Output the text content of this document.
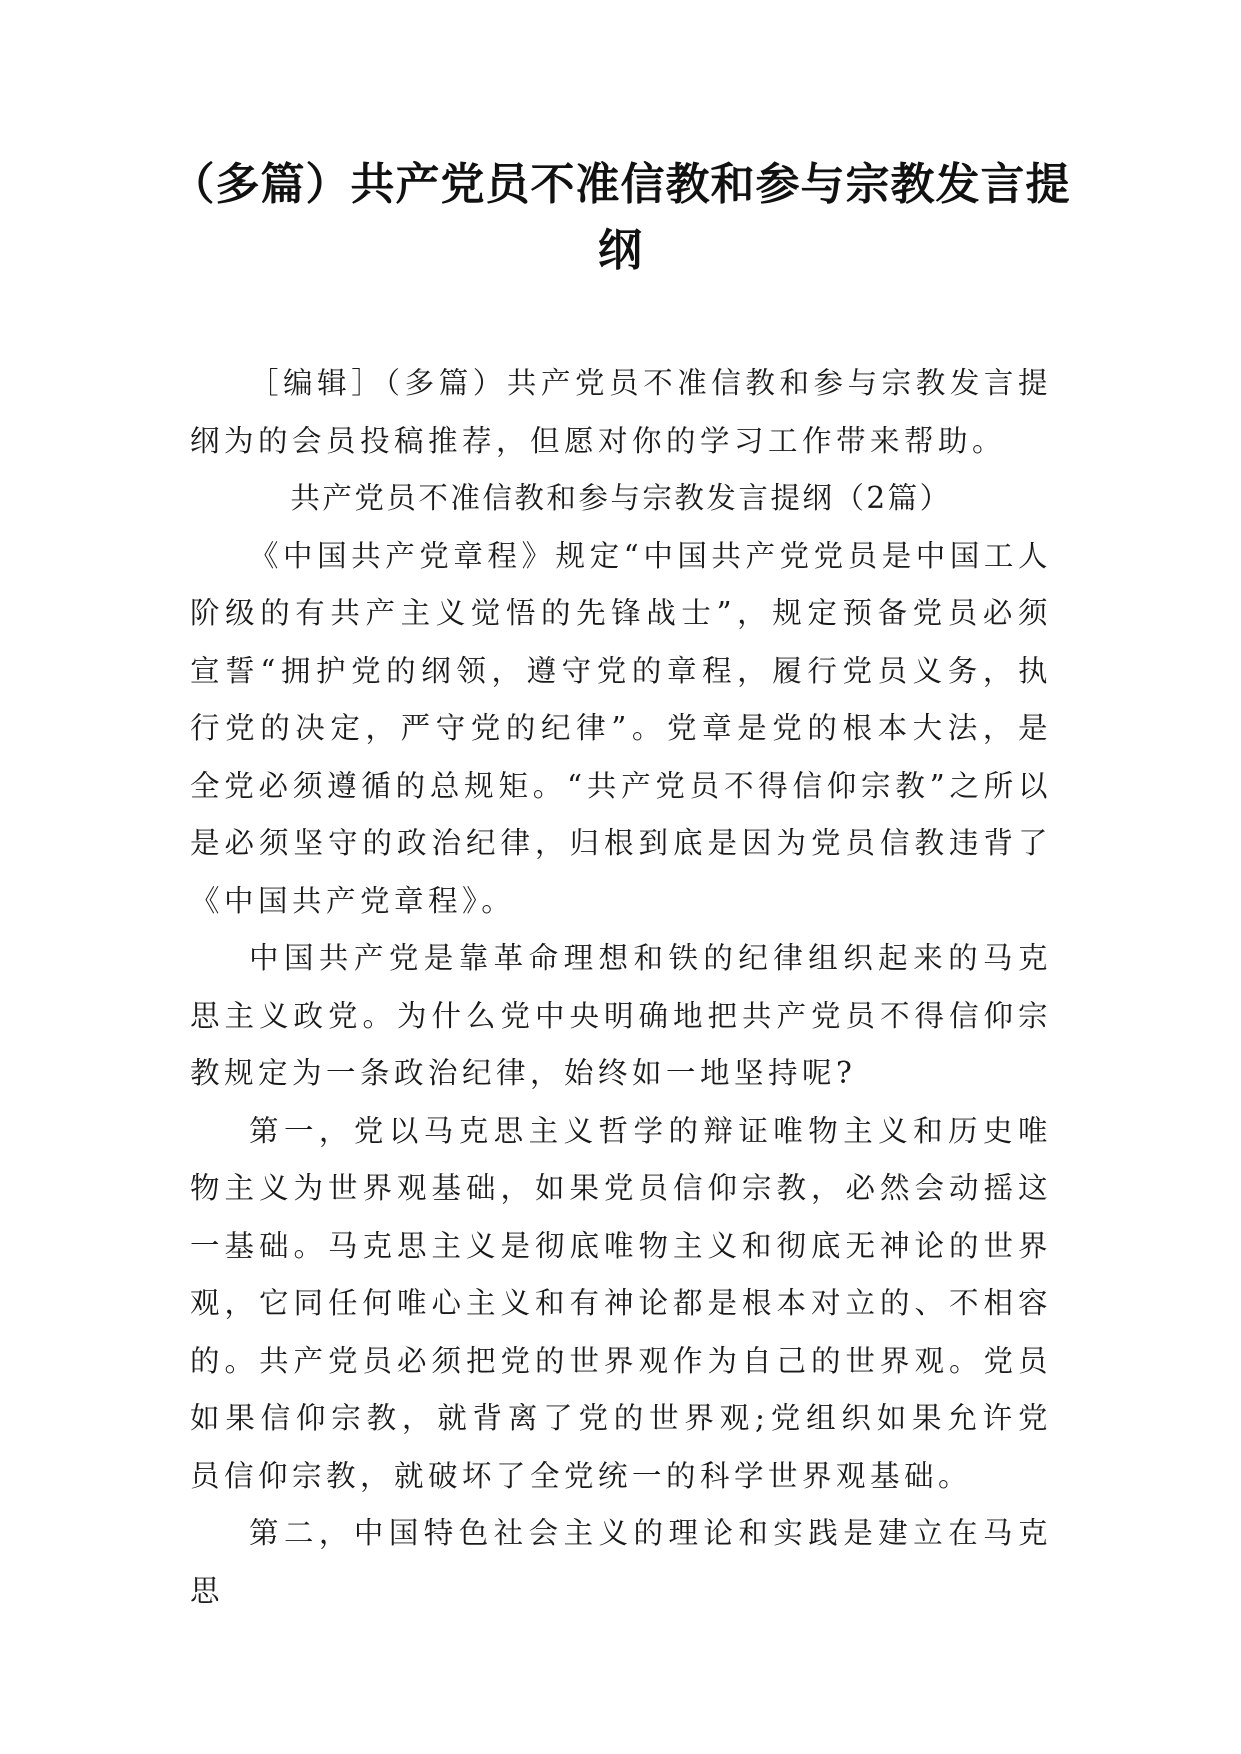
（多篇）共产党员不准信教和参与宗教发言提纲

［编辑］（多篇）共产党员不准信教和参与宗教发言提纲为的会员投稿推荐，但愿对你的学习工作带来帮助。

共产党员不准信教和参与宗教发言提纲（2篇）

《中国共产党章程》规定“中国共产党党员是中国工人阶级的有共产主义觉悟的先锋战士”，规定预备党员必须宣誓“拥护党的纲领，遵守党的章程，履行党员义务，执行党的决定，严守党的纪律”。党章是党的根本大法，是全党必须遵循的总规矩。“共产党员不得信仰宗教”之所以是必须坚守的政治纪律，归根到底是因为党员信教违背了《中国共产党章程》。

中国共产党是靠革命理想和铁的纪律组织起来的马克思主义政党。为什么党中央明确地把共产党员不得信仰宗教规定为一条政治纪律，始终如一地坚持呢?

第一，党以马克思主义哲学的辩证唯物主义和历史唯物主义为世界观基础，如果党员信仰宗教，必然会动摇这一基础。马克思主义是彻底唯物主义和彻底无神论的世界观，它同任何唯心主义和有神论都是根本对立的、不相容的。共产党员必须把党的世界观作为自己的世界观。党员如果信仰宗教，就背离了党的世界观;党组织如果允许党员信仰宗教，就破坏了全党统一的科学世界观基础。

第二，中国特色社会主义的理论和实践是建立在马克思
